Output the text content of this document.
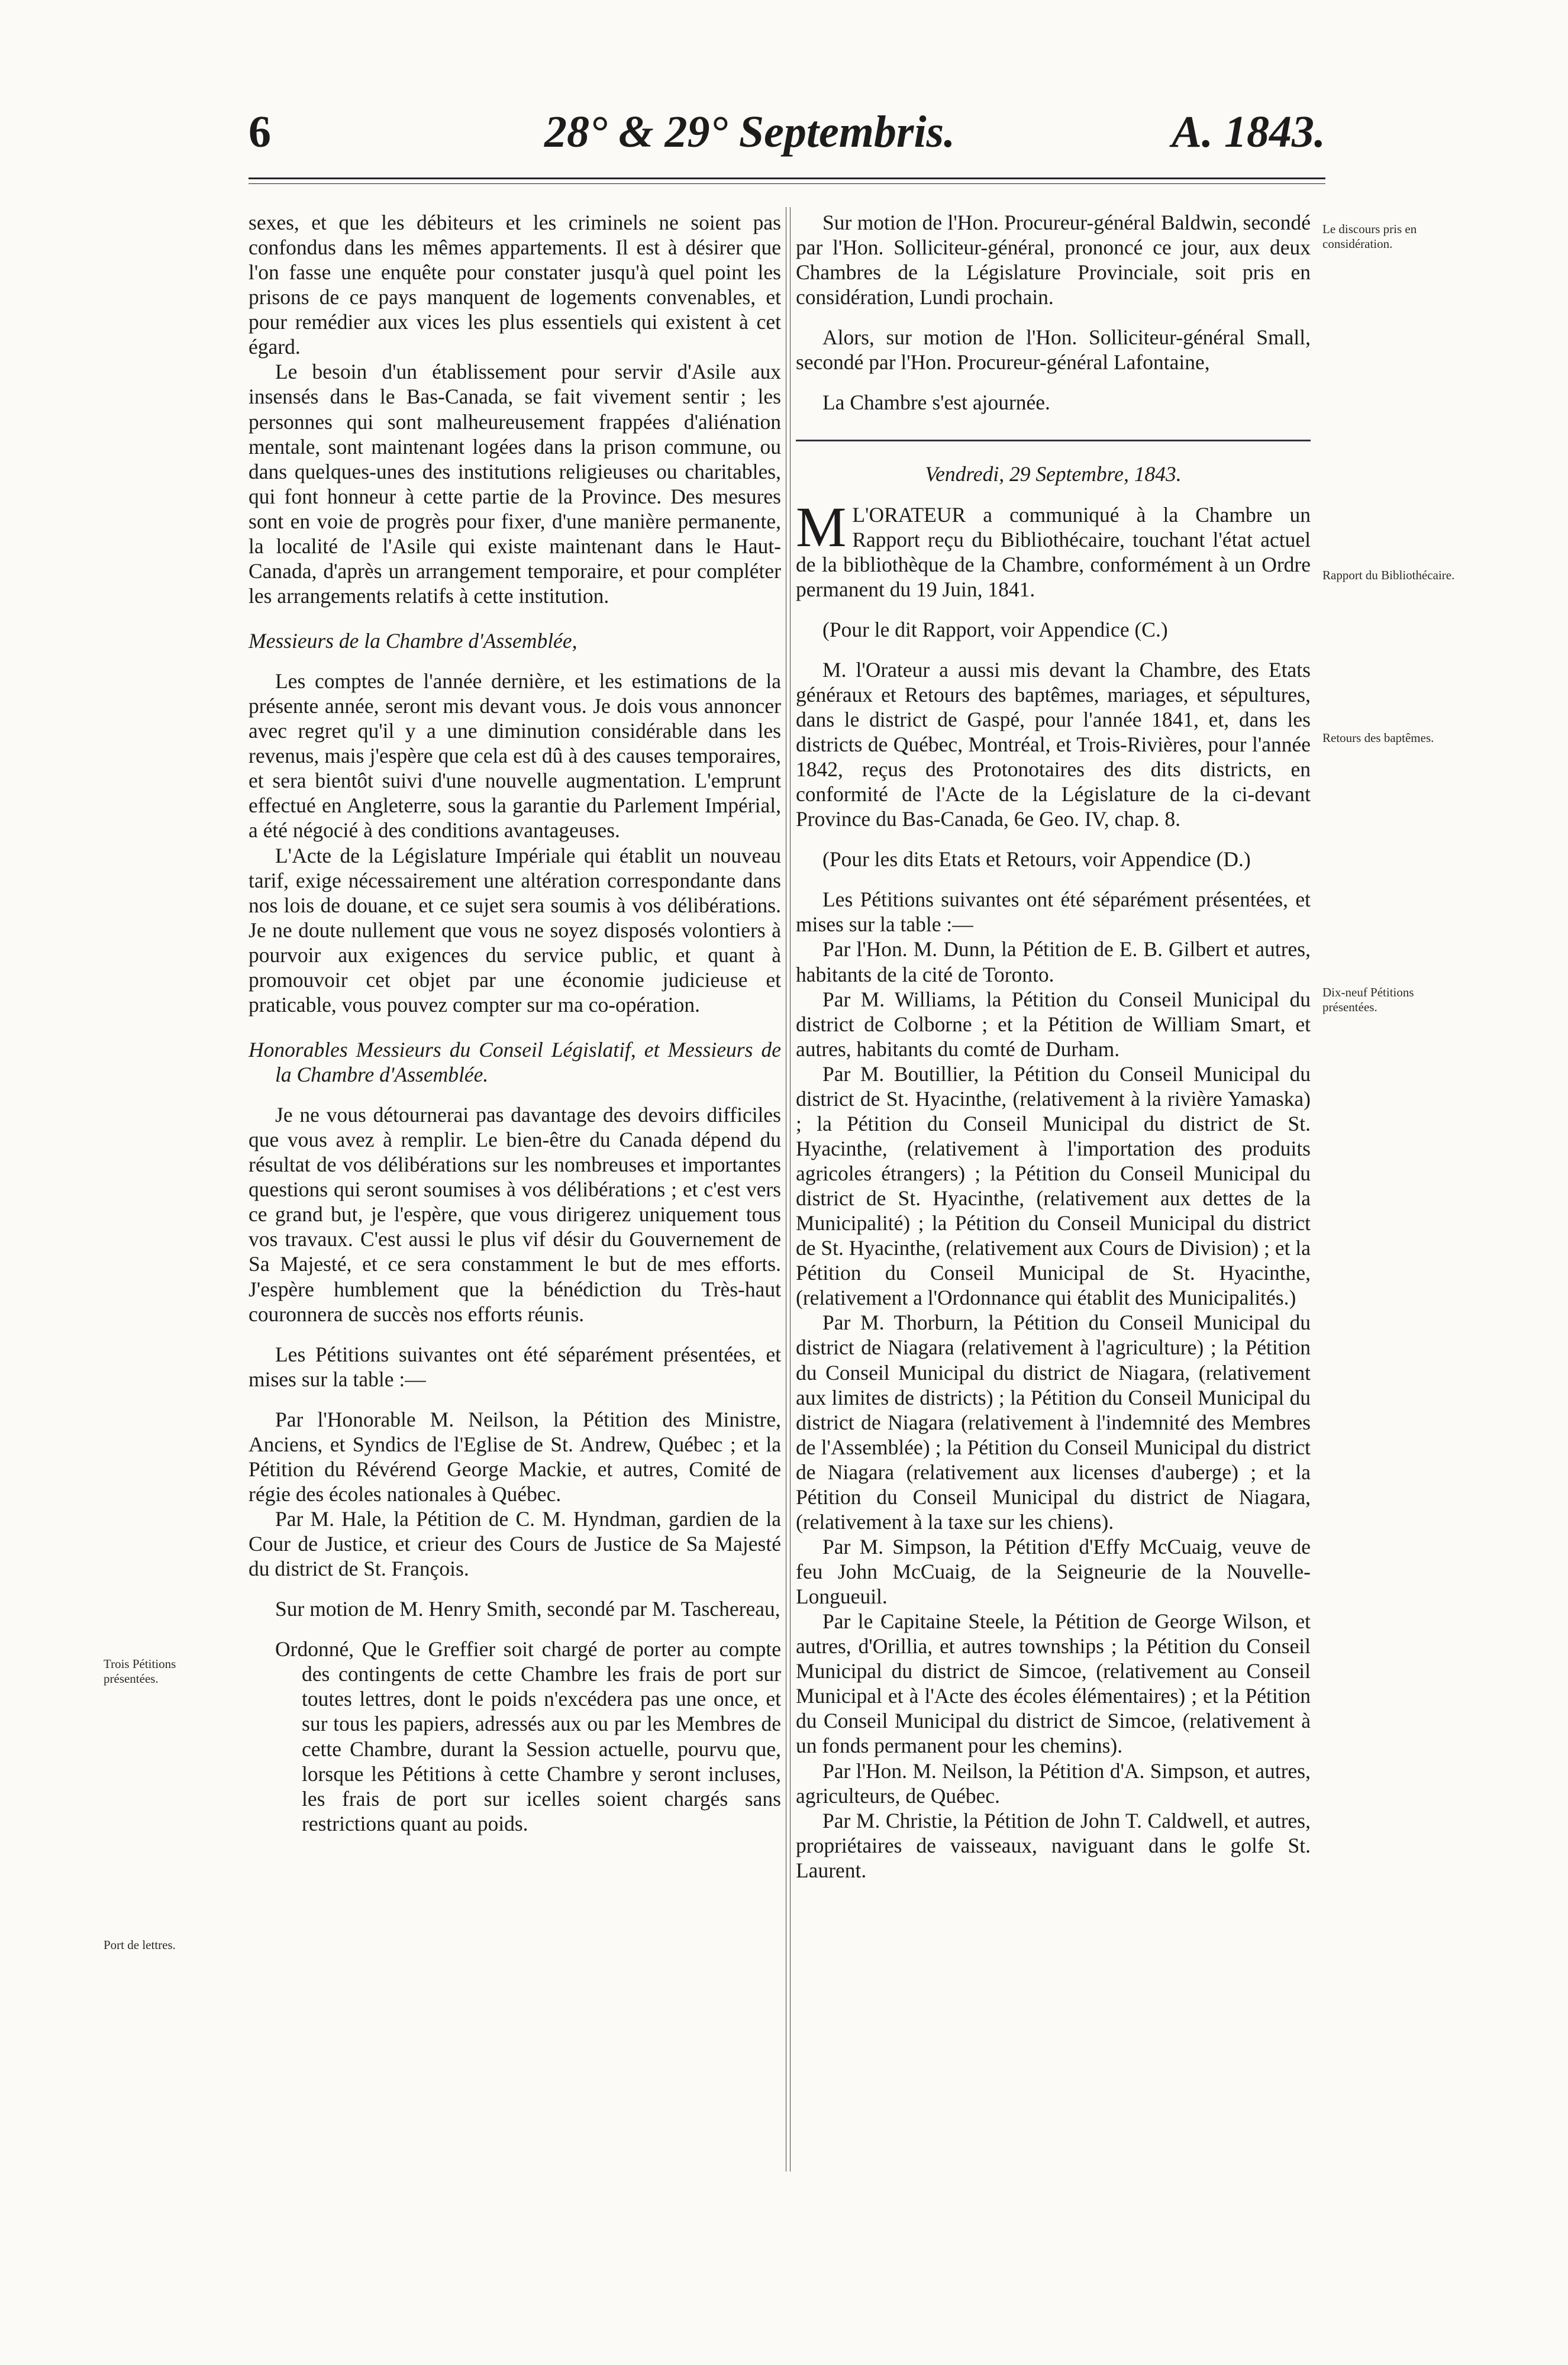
6	28° & 29° Septembris.	A. 1843.

sexes, et que les débiteurs et les criminels ne soient pas confondus dans les mêmes appartements. Il est à désirer que l'on fasse une enquête pour constater jusqu'à quel point les prisons de ce pays manquent de logements convenables, et pour remédier aux vices les plus essentiels qui existent à cet égard.

Le besoin d'un établissement pour servir d'Asile aux insensés dans le Bas-Canada, se fait vivement sentir ; les personnes qui sont malheureusement frappées d'aliénation mentale, sont maintenant logées dans la prison commune, ou dans quelques-unes des institutions religieuses ou charitables, qui font honneur à cette partie de la Province. Des mesures sont en voie de progrès pour fixer, d'une manière permanente, la localité de l'Asile qui existe maintenant dans le Haut-Canada, d'après un arrangement temporaire, et pour compléter les arrangements relatifs à cette institution.

Messieurs de la Chambre d'Assemblée,

Les comptes de l'année dernière, et les estimations de la présente année, seront mis devant vous. Je dois vous annoncer avec regret qu'il y a une diminution considérable dans les revenus, mais j'espère que cela est dû à des causes temporaires, et sera bientôt suivi d'une nouvelle augmentation. L'emprunt effectué en Angleterre, sous la garantie du Parlement Impérial, a été négocié à des conditions avantageuses.

L'Acte de la Législature Impériale qui établit un nouveau tarif, exige nécessairement une altération correspondante dans nos lois de douane, et ce sujet sera soumis à vos délibérations. Je ne doute nullement que vous ne soyez disposés volontiers à pourvoir aux exigences du service public, et quant à promouvoir cet objet par une économie judicieuse et praticable, vous pouvez compter sur ma co-opération.

Honorables Messieurs du Conseil Législatif, et Messieurs de la Chambre d'Assemblée.

Je ne vous détournerai pas davantage des devoirs difficiles que vous avez à remplir. Le bien-être du Canada dépend du résultat de vos délibérations sur les nombreuses et importantes questions qui seront soumises à vos délibérations ; et c'est vers ce grand but, je l'espère, que vous dirigerez uniquement tous vos travaux. C'est aussi le plus vif désir du Gouvernement de Sa Majesté, et ce sera constamment le but de mes efforts. J'espère humblement que la bénédiction du Très-haut couronnera de succès nos efforts réunis.

Les Pétitions suivantes ont été séparément présentées, et mises sur la table :—

Par l'Honorable M. Neilson, la Pétition des Ministre, Anciens, et Syndics de l'Eglise de St. Andrew, Québec ; et la Pétition du Révérend George Mackie, et autres, Comité de régie des écoles nationales à Québec.

Par M. Hale, la Pétition de C. M. Hyndman, gardien de la Cour de Justice, et crieur des Cours de Justice de Sa Majesté du district de St. François.

Sur motion de M. Henry Smith, secondé par M. Taschereau,

Ordonné, Que le Greffier soit chargé de porter au compte des contingents de cette Chambre les frais de port sur toutes lettres, dont le poids n'excédera pas une once, et sur tous les papiers, adressés aux ou par les Membres de cette Chambre, durant la Session actuelle, pourvu que, lorsque les Pétitions à cette Chambre y seront incluses, les frais de port sur icelles soient chargés sans restrictions quant au poids.

Sur motion de l'Hon. Procureur-général Baldwin, secondé par l'Hon. Solliciteur-général, prononcé ce jour, aux deux Chambres de la Législature Provinciale, soit pris en considération, Lundi prochain.

Alors, sur motion de l'Hon. Solliciteur-général Small, secondé par l'Hon. Procureur-général Lafontaine,

La Chambre s'est ajournée.

Vendredi, 29 Septembre, 1843.

M L'ORATEUR a communiqué à la Chambre un Rapport reçu du Bibliothécaire, touchant l'état actuel de la bibliothèque de la Chambre, conformément à un Ordre permanent du 19 Juin, 1841.

(Pour le dit Rapport, voir Appendice (C.)

M. l'Orateur a aussi mis devant la Chambre, des Etats généraux et Retours des baptêmes, mariages, et sépultures, dans le district de Gaspé, pour l'année 1841, et, dans les districts de Québec, Montréal, et Trois-Rivières, pour l'année 1842, reçus des Protonotaires des dits districts, en conformité de l'Acte de la Législature de la ci-devant Province du Bas-Canada, 6e Geo. IV, chap. 8.

(Pour les dits Etats et Retours, voir Appendice (D.)

Les Pétitions suivantes ont été séparément présentées, et mises sur la table :—

Par l'Hon. M. Dunn, la Pétition de E. B. Gilbert et autres, habitants de la cité de Toronto.

Par M. Williams, la Pétition du Conseil Municipal du district de Colborne ; et la Pétition de William Smart, et autres, habitants du comté de Durham.

Par M. Boutillier, la Pétition du Conseil Municipal du district de St. Hyacinthe, (relativement à la rivière Yamaska) ; la Pétition du Conseil Municipal du district de St. Hyacinthe, (relativement à l'importation des produits agricoles étrangers) ; la Pétition du Conseil Municipal du district de St. Hyacinthe, (relativement aux dettes de la Municipalité) ; la Pétition du Conseil Municipal du district de St. Hyacinthe, (relativement aux Cours de Division) ; et la Pétition du Conseil Municipal de St. Hyacinthe, (relativement a l'Ordonnance qui établit des Municipalités.)

Par M. Thorburn, la Pétition du Conseil Municipal du district de Niagara (relativement à l'agriculture) ; la Pétition du Conseil Municipal du district de Niagara, (relativement aux limites de districts) ; la Pétition du Conseil Municipal du district de Niagara (relativement à l'indemnité des Membres de l'Assemblée) ; la Pétition du Conseil Municipal du district de Niagara (relativement aux licenses d'auberge) ; et la Pétition du Conseil Municipal du district de Niagara, (relativement à la taxe sur les chiens).

Par M. Simpson, la Pétition d'Effy McCuaig, veuve de feu John McCuaig, de la Seigneurie de la Nouvelle-Longueuil.

Par le Capitaine Steele, la Pétition de George Wilson, et autres, d'Orillia, et autres townships ; la Pétition du Conseil Municipal du district de Simcoe, (relativement au Conseil Municipal et à l'Acte des écoles élémentaires) ; et la Pétition du Conseil Municipal du district de Simcoe, (relativement à un fonds permanent pour les chemins).

Par l'Hon. M. Neilson, la Pétition d'A. Simpson, et autres, agriculteurs, de Québec.

Par M. Christie, la Pétition de John T. Caldwell, et autres, propriétaires de vaisseaux, naviguant dans le golfe St. Laurent.

Trois Pétitions présentées.
Port de lettres.
Le discours pris en considération.
Rapport du Bibliothécaire.
Retours des baptêmes.
Dix-neuf Pétitions présentées.
